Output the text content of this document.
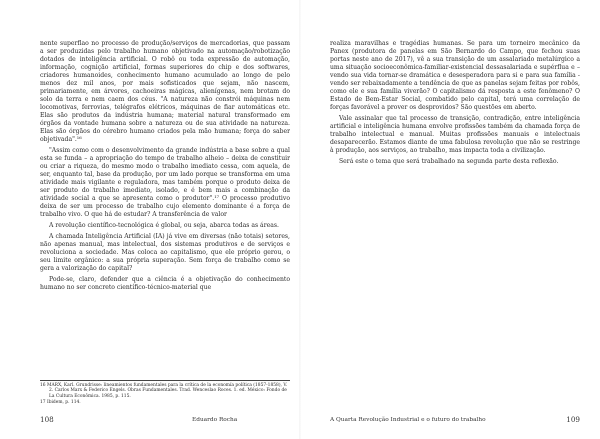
nente superflao no processo de produção/serviços de mercadorias, que passam a ser produzidas pelo trabalho humano objetivado na automação/robotização dotados de inteligência artificial. O robô ou toda expressão de automação, informação, cognição artificial, formas superiores do chip e dos softwares, criadores humanoides, conhecimento humano acumulado ao longo de pelo menos dez mil anos, por mais sofisticados que sejam, não nascem, primariamente, em árvores, cachoeiras mágicas, alienígenas, nem brotam do solo da terra e nem caem dos céus. "A natureza não constrói máquinas nem locomotivas, ferrovias, telégrafos elétricos, máquinas de fiar automáticas etc. Elas são produtos da indústria humana; material natural transformado em órgãos da vontade humana sobre a natureza ou de sua atividade na natureza. Elas são órgãos do cérebro humano criados pela mão humana; força do saber objetivada".¹⁶

"Assim como com o desenvolvimento da grande indústria a base sobre a qual esta se funda – a apropriação do tempo de trabalho alheio – deixa de constituir ou criar a riqueza, do mesmo modo o trabalho imediato cessa, com aquela, de ser, enquanto tal, base da produção, por um lado porque se transforma em uma atividade mais vigilante e reguladora, mas também porque o produto deixa de ser produto do trabalho imediato, isolado, e é bem mais a combinação da atividade social a que se apresenta como o produtor".¹⁷ O processo produtivo deixa de ser um processo de trabalho cujo elemento dominante é a força de trabalho vivo. O que há de estudar? A transferência de valor

A revolução científico-tecnológica é global, ou seja, abarca todas as áreas.

A chamada Inteligência Artificial (IA) já vive em diversas (não totais) setores, não apenas manual, mas intelectual, dos sistemas produtivos e de serviços e revoluciona a sociedade. Mas coloca ao capitalismo, que ele próprio gerou, o seu limite orgânico: a sua própria superação. Sem força de trabalho como se gera a valorização do capital?

Pode-se, claro, defender que a ciência é a objetivação do conhecimento humano no ser concreto científico-técnico-material que

16 MARX, Karl. Grundrisse: lineamientos fundamentales para la crítica de la economía política (1857-1858), V. 2. Carlos Marx & Federico Engels. Obras Fundamentales. Trad. Wenceslao Roces. 1. ed. México: Fondo de La Cultura Econômica. 1985, p. 115.
17 Ibidem, p. 114.
108	Eduardo Rocha

realiza maravilhas e tragédias humanas. Se para um torneiro mecânico da Panex (produtora de panelas em São Bernardo do Campo, que fechou suas portas neste ano de 2017), vê a sua transição de um assalariado metalúrgico a uma situação socioeconômica-familiar-existencial dessasalariada e supérflua e – vendo sua vida tornar-se dramática e desesperadora para si e para sua família - vendo ser rebaixadamente a tendência de que as panelas sejam feitas por robôs, como ele e sua família viverão? O capitalismo dá resposta a este fenômeno? O Estado de Bem-Estar Social, combatido pelo capital, terá uma correlação de forças favorável a prover os desprovidos? São questões em aberto.

Vale assinalar que tal processo de transição, contradição, entre inteligência artificial e inteligência humana envolve profissões também da chamada força de trabalho intelectual e manual. Muitas profissões manuais e intelectuais desaparecerão. Estamos diante de uma fabulosa revolução que não se restringe à produção, aos serviços, ao trabalho, mas impacta toda a civilização.

Será este o tema que será trabalhado na segunda parte desta reflexão.

A Quarta Revolução Industrial e o futuro do trabalho	109
